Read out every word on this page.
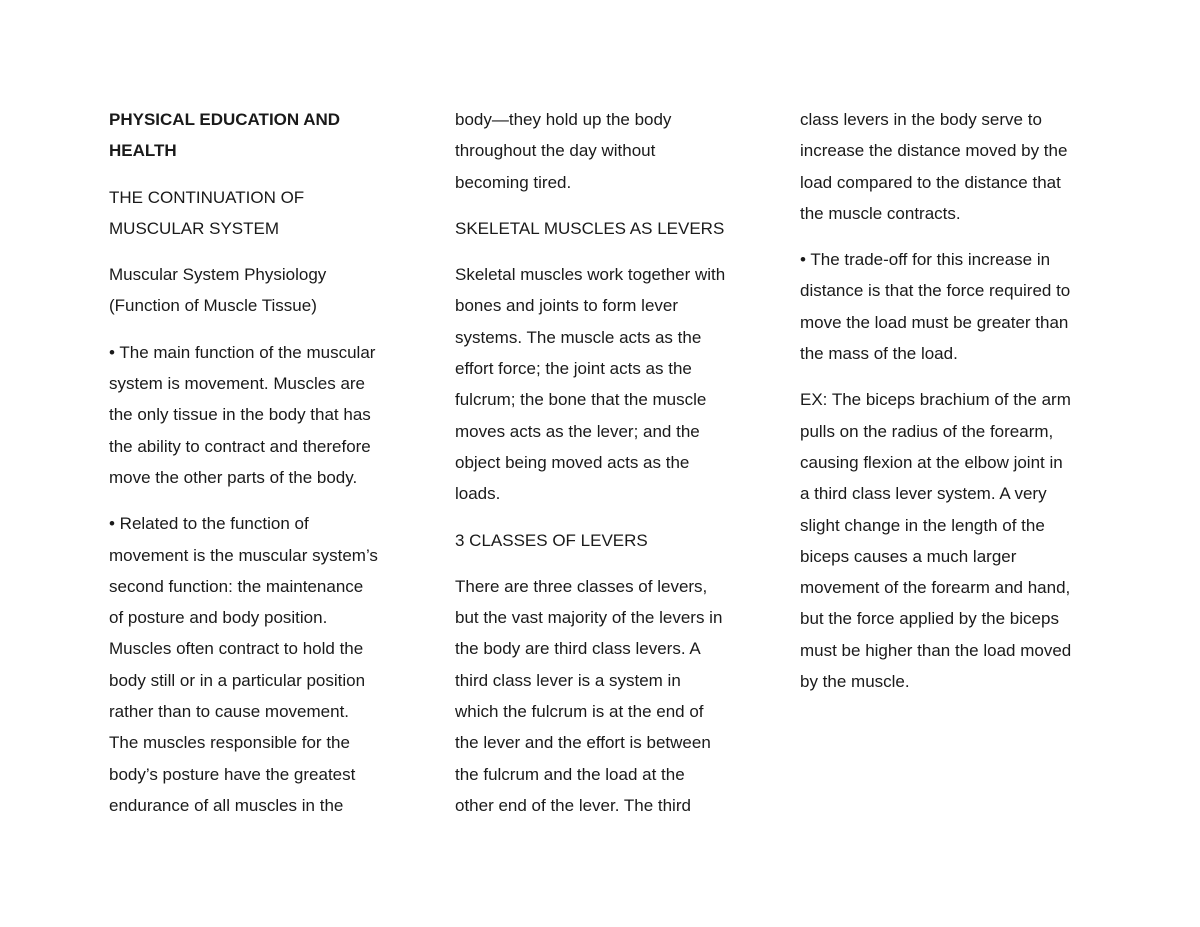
PHYSICAL EDUCATION AND
HEALTH

THE CONTINUATION OF
MUSCULAR SYSTEM

Muscular System Physiology
(Function of Muscle Tissue)

• The main function of the muscular
system is movement. Muscles are
the only tissue in the body that has
the ability to contract and therefore
move the other parts of the body.

• Related to the function of
movement is the muscular system’s
second function: the maintenance
of posture and body position.
Muscles often contract to hold the
body still or in a particular position
rather than to cause movement.
The muscles responsible for the
body’s posture have the greatest
endurance of all muscles in the

body—they hold up the body
throughout the day without
becoming tired.

SKELETAL MUSCLES AS LEVERS

Skeletal muscles work together with
bones and joints to form lever
systems. The muscle acts as the
effort force; the joint acts as the
fulcrum; the bone that the muscle
moves acts as the lever; and the
object being moved acts as the
loads.

3 CLASSES OF LEVERS

There are three classes of levers,
but the vast majority of the levers in
the body are third class levers. A
third class lever is a system in
which the fulcrum is at the end of
the lever and the effort is between
the fulcrum and the load at the
other end of the lever. The third

class levers in the body serve to
increase the distance moved by the
load compared to the distance that
the muscle contracts.

• The trade-off for this increase in
distance is that the force required to
move the load must be greater than
the mass of the load.

EX: The biceps brachium of the arm
pulls on the radius of the forearm,
causing flexion at the elbow joint in
a third class lever system. A very
slight change in the length of the
biceps causes a much larger
movement of the forearm and hand,
but the force applied by the biceps
must be higher than the load moved
by the muscle.
